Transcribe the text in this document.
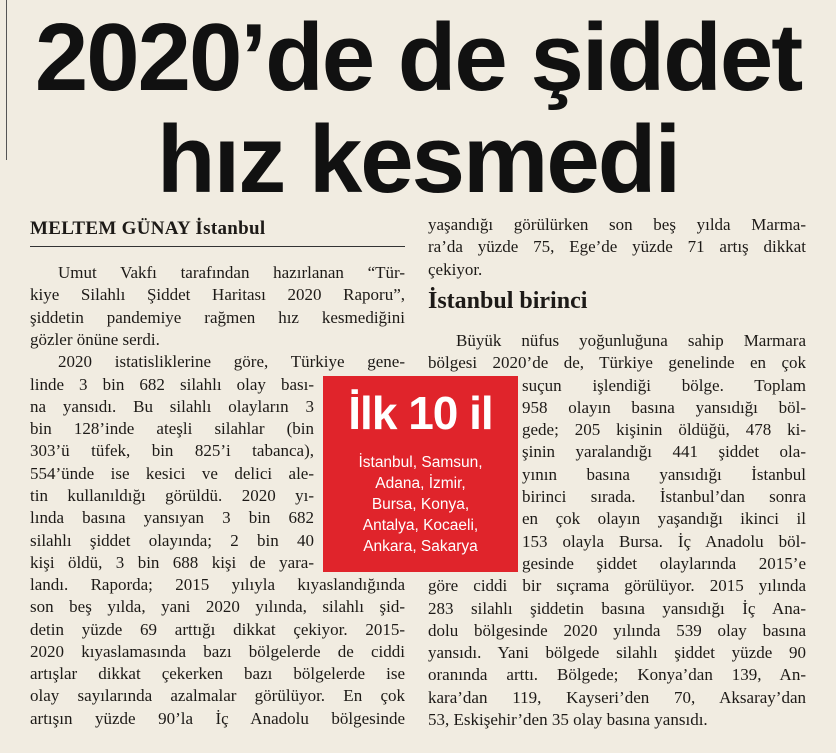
2020’de de şiddet
hız kesmedi
MELTEM GÜNAY İstanbul
Umut Vakfı tarafından hazırlanan “Tür-
kiye Silahlı Şiddet Haritası 2020 Raporu”,
şiddetin pandemiye rağmen hız kesmediğini
gözler önüne serdi.
2020 istatisliklerine göre, Türkiye gene-
linde 3 bin 682 silahlı olay bası-
na yansıdı. Bu silahlı olayların 3
bin 128’inde ateşli silahlar (bin
303’ü tüfek, bin 825’i tabanca),
554’ünde ise kesici ve delici ale-
tin kullanıldığı görüldü. 2020 yı-
lında basına yansıyan 3 bin 682
silahlı şiddet olayında; 2 bin 40
kişi öldü, 3 bin 688 kişi de yara-
landı. Raporda; 2015 yılıyla kıyaslandığında
son beş yılda, yani 2020 yılında, silahlı şid-
detin yüzde 69 arttığı dikkat çekiyor. 2015-
2020 kıyaslamasında bazı bölgelerde de ciddi
artışlar dikkat çekerken bazı bölgelerde ise
olay sayılarında azalmalar görülüyor. En çok
artışın yüzde 90’la İç Anadolu bölgesinde
yaşandığı görülürken son beş yılda Marma-
ra’da yüzde 75, Ege’de yüzde 71 artış dikkat
çekiyor.
İstanbul birinci
Büyük nüfus yoğunluğuna sahip Marmara
bölgesi 2020’de de, Türkiye genelinde en çok
suçun işlendiği bölge. Toplam
958 olayın basına yansıdığı böl-
gede; 205 kişinin öldüğü, 478 ki-
şinin yaralandığı 441 şiddet ola-
yının basına yansıdığı İstanbul
birinci sırada. İstanbul’dan sonra
en çok olayın yaşandığı ikinci il
153 olayla Bursa. İç Anadolu böl-
gesinde şiddet olaylarında 2015’e
göre ciddi bir sıçrama görülüyor. 2015 yılında
283 silahlı şiddetin basına yansıdığı İç Ana-
dolu bölgesinde 2020 yılında 539 olay basına
yansıdı. Yani bölgede silahlı şiddet yüzde 90
oranında arttı. Bölgede; Konya’dan 139, An-
kara’dan 119, Kayseri’den 70, Aksaray’dan
53, Eskişehir’den 35 olay basına yansıdı.
İlk 10 il
İstanbul, Samsun,
Adana, İzmir,
Bursa, Konya,
Antalya, Kocaeli,
Ankara, Sakarya
